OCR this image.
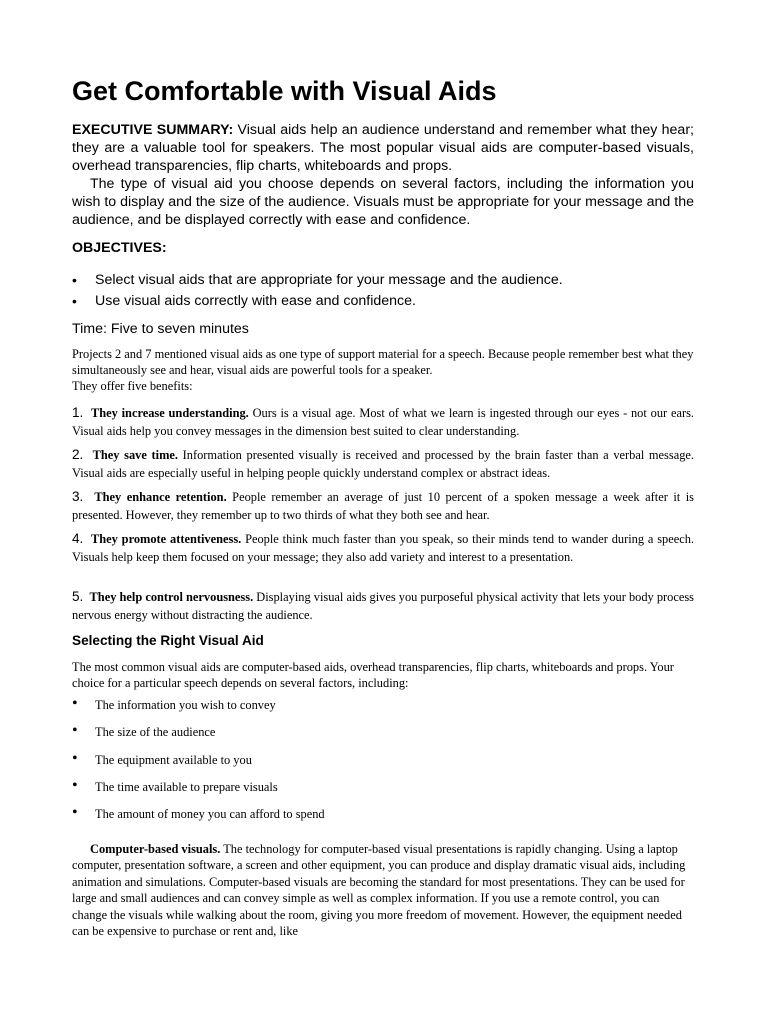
Get Comfortable with Visual Aids

EXECUTIVE SUMMARY: Visual aids help an audience understand and remember what they hear; they are a valuable tool for speakers. The most popular visual aids are computer-based visuals, overhead transparencies, flip charts, whiteboards and props.

The type of visual aid you choose depends on several factors, including the information you wish to display and the size of the audience. Visuals must be appropriate for your message and the audience, and be displayed correctly with ease and confidence.

OBJECTIVES:
• Select visual aids that are appropriate for your message and the audience.
• Use visual aids correctly with ease and confidence.

Time: Five to seven minutes

Projects 2 and 7 mentioned visual aids as one type of support material for a speech. Because people remember best what they simultaneously see and hear, visual aids are powerful tools for a speaker.
They offer five benefits:

1. They increase understanding. Ours is a visual age. Most of what we learn is ingested through our eyes - not our ears. Visual aids help you convey messages in the dimension best suited to clear understanding.

2. They save time. Information presented visually is received and processed by the brain faster than a verbal message. Visual aids are especially useful in helping people quickly understand complex or abstract ideas.

3. They enhance retention. People remember an average of just 10 percent of a spoken message a week after it is presented. However, they remember up to two thirds of what they both see and hear.

4. They promote attentiveness. People think much faster than you speak, so their minds tend to wander during a speech. Visuals help keep them focused on your message; they also add variety and interest to a presentation.

5. They help control nervousness. Displaying visual aids gives you purposeful physical activity that lets your body process nervous energy without distracting the audience.

Selecting the Right Visual Aid

The most common visual aids are computer-based aids, overhead transparencies, flip charts, whiteboards and props. Your choice for a particular speech depends on several factors, including:

• The information you wish to convey
• The size of the audience
• The equipment available to you
• The time available to prepare visuals
• The amount of money you can afford to spend

Computer-based visuals. The technology for computer-based visual presentations is rapidly changing. Using a laptop computer, presentation software, a screen and other equipment, you can produce and display dramatic visual aids, including animation and simulations. Computer-based visuals are becoming the standard for most presentations. They can be used for large and small audiences and can convey simple as well as complex information. If you use a remote control, you can change the visuals while walking about the room, giving you more freedom of movement. However, the equipment needed can be expensive to purchase or rent and, like
